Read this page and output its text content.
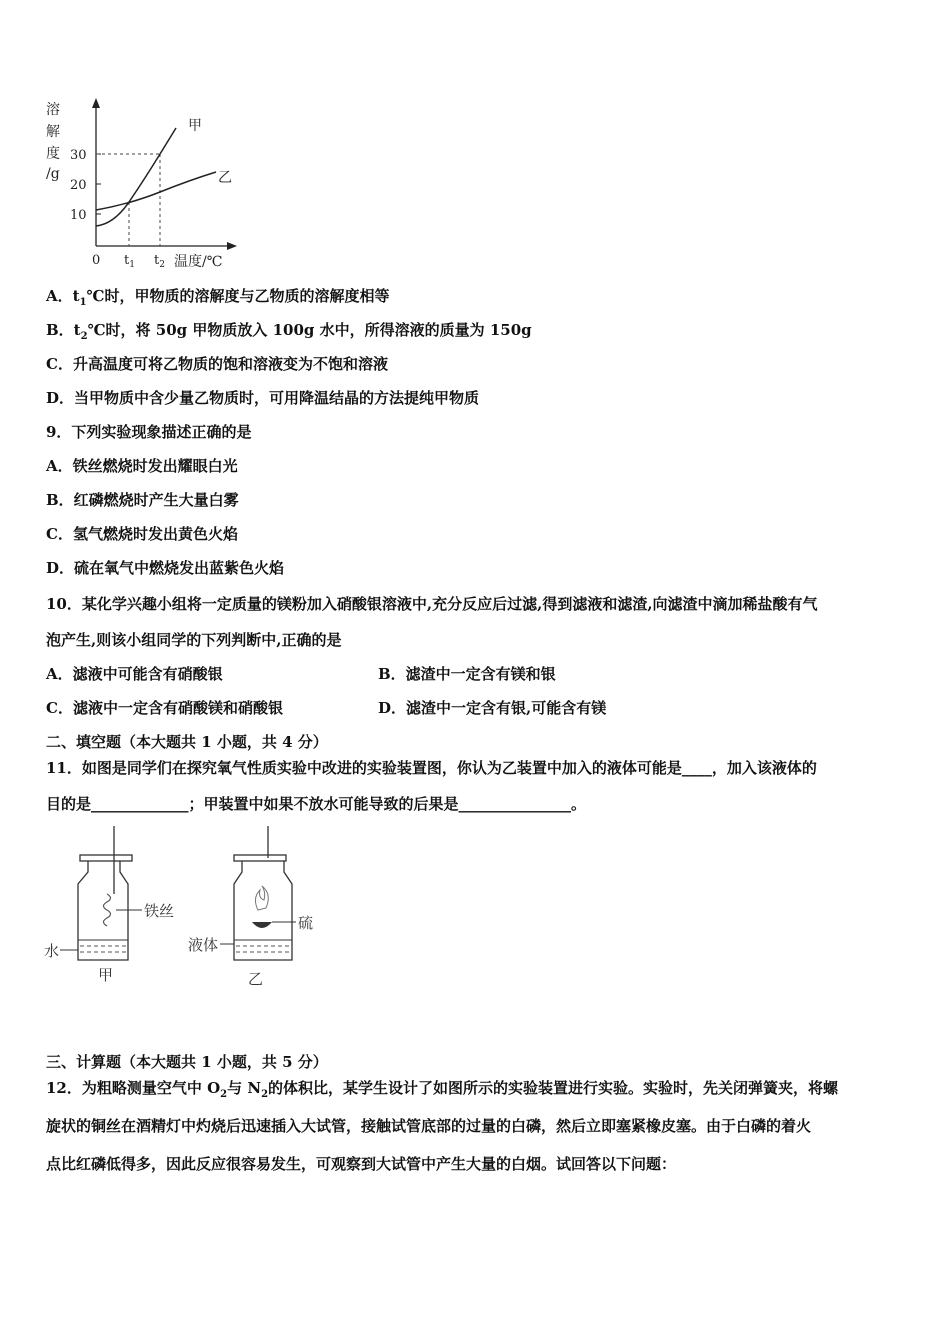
溶
解
度
/g
30
20
10
甲
乙
0 $t_1$ $t_2$ 温度/℃
A．$t_1℃$时，甲物质的溶解度与乙物质的溶解度相等
B．$t_2℃$时，将 50g 甲物质放入 100g 水中，所得溶液的质量为 150g
C．升高温度可将乙物质的饱和溶液变为不饱和溶液
D．当甲物质中含少量乙物质时，可用降温结晶的方法提纯甲物质
9．下列实验现象描述正确的是
A．铁丝燃烧时发出耀眼白光
B．红磷燃烧时产生大量白雾
C．氢气燃烧时发出黄色火焰
D．硫在氧气中燃烧发出蓝紫色火焰
10．某化学兴趣小组将一定质量的镁粉加入硝酸银溶液中,充分反应后过滤,得到滤液和滤渣,向滤渣中滴加稀盐酸有气
泡产生,则该小组同学的下列判断中,正确的是
A．滤液中可能含有硝酸银	B．滤渣中一定含有镁和银
C．滤液中一定含有硝酸镁和硝酸银	D．滤渣中一定含有银,可能含有镁
二、填空题（本大题共 1 小题，共 4 分）
11．如图是同学们在探究氧气性质实验中改进的实验装置图，你认为乙装置中加入的液体可能是____，加入该液体的
目的是_____________；甲装置中如果不放水可能导致的后果是_______________。
铁丝
水
甲
硫
液体
乙
三、计算题（本大题共 1 小题，共 5 分）
12．为粗略测量空气中 $O_2$与 $N_2$的体积比，某学生设计了如图所示的实验装置进行实验。实验时，先关闭弹簧夹，将螺
旋状的铜丝在酒精灯中灼烧后迅速插入大试管，接触试管底部的过量的白磷，然后立即塞紧橡皮塞。由于白磷的着火
点比红磷低得多，因此反应很容易发生，可观察到大试管中产生大量的白烟。试回答以下问题：
